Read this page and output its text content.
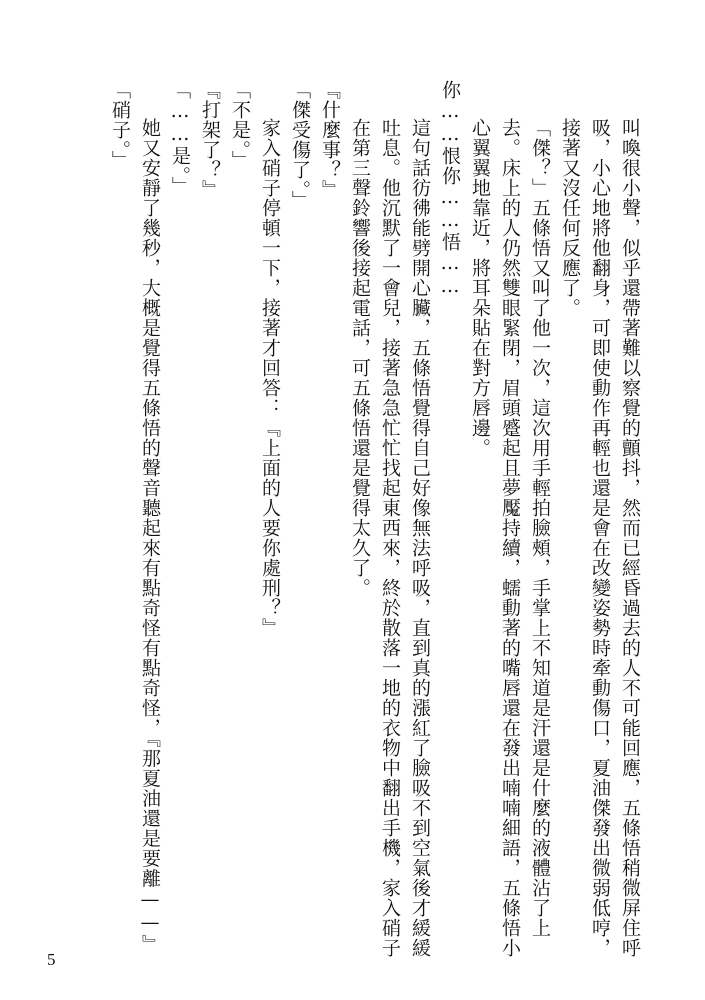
叫喚很小聲，似乎還帶著難以察覺的顫抖，然而已經昏過去的人不可能回應，五條悟稍微屏住呼吸，小心地將他翻身，可即使動作再輕也還是會在改變姿勢時牽動傷口，夏油傑發出微弱低哼，接著又沒任何反應了。

「傑？」五條悟又叫了他一次，這次用手輕拍臉頰，手掌上不知道是汗還是什麼的液體沾了上去。床上的人仍然雙眼緊閉，眉頭蹙起且夢魘持續，蠕動著的嘴唇還在發出喃喃細語，五條悟小心翼翼地靠近，將耳朵貼在對方唇邊。

你……恨你……悟……

這句話彷彿能劈開心臟，五條悟覺得自己好像無法呼吸，直到真的漲紅了臉吸不到空氣後才緩緩吐息。他沉默了一會兒，接著急急忙忙找起東西來，終於散落一地的衣物中翻出手機，家入硝子在第三聲鈴響後接起電話，可五條悟還是覺得太久了。

『什麼事？』

「傑受傷了。」

家入硝子停頓一下，接著才回答：『上面的人要你處刑？』

「不是。」

『打架了？』

「……是。」

她又安靜了幾秒，大概是覺得五條悟的聲音聽起來有點奇怪有點奇怪，『那夏油還是要離——』

「硝子。」

5
